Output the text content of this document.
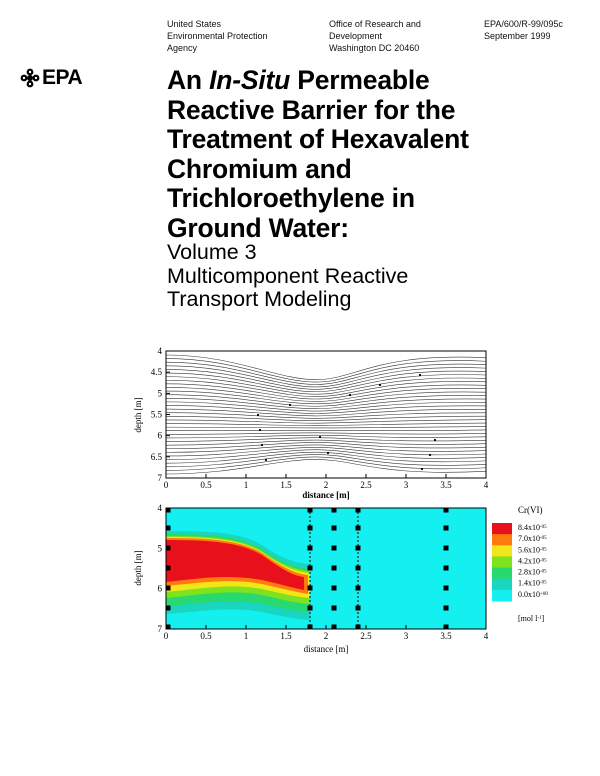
United States
Environmental Protection
Agency
Office of Research and
Development
Washington DC 20460
EPA/600/R-99/095c
September 1999
EPA	An In-Situ Permeable
Reactive Barrier for the
Treatment of Hexavalent
Chromium and
Trichloroethylene in
Ground Water:
Volume 3
Multicomponent Reactive
Transport Modeling
4
4.5
5
5.5
6
6.5
7
0	0.5	1	1.5	2	2.5	3	3.5	4
depth [m]
distance [m]
4
5
6
7
0	0.5	1	1.5	2	2.5	3	3.5	4
depth [m]
distance [m]
Cr(VI)
$8.4x10^{-05}$
$7.0x10^{-05}$
$5.6x10^{-05}$
$4.2x10^{-05}$
$2.8x10^{-05}$
$1.4x10^{-05}$
$0.0x10^{+00}$
[mol $l^{-1}$]
